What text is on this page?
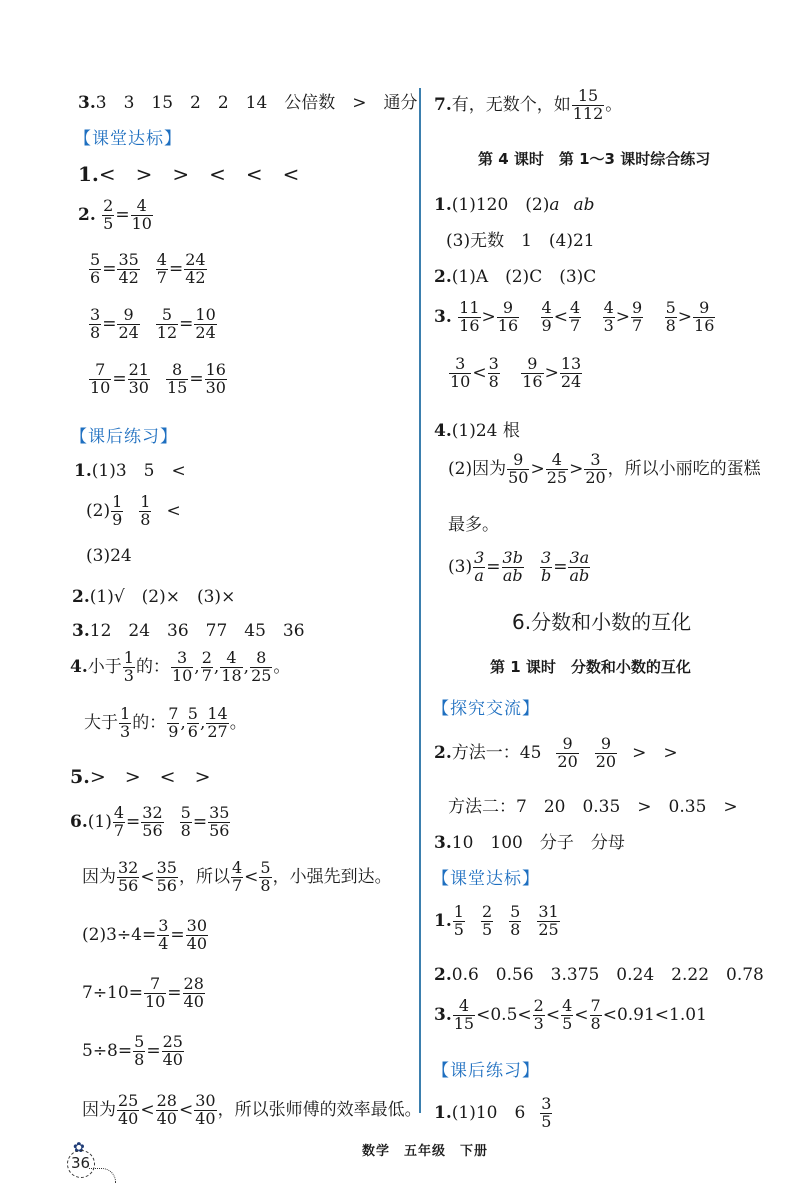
3.3　3　15　2　2　14　公倍数　>　通分
【课堂达标】
1.<　>　>　<　<　<
2. $\frac{2}{5} = \frac{4}{10}$
$\frac{5}{6} = \frac{35}{42} \frac{4}{7} = \frac{24}{42}$
$\frac{3}{8} = \frac{9}{24} \frac{5}{12} = \frac{10}{24}$
$\frac{7}{10} = \frac{21}{30} \frac{8}{15} = \frac{16}{30}$
【课后练习】
1.(1)3　5　<
$(2) \frac{1}{9} \frac{1}{8}$ <
(3)24
2.(1)√　(2)×　(3)×
3.12　24　36　77　45　36
4.小于 $\frac{1}{3}$ 的： $\frac{3}{10}$ , $\frac{2}{7}$ , $\frac{4}{18}$ , $\frac{8}{25}$ 。
大于 $\frac{1}{3}$ 的： $\frac{7}{9}$ , $\frac{5}{6}$ , $\frac{14}{27}$ 。
5.>　>　<　>
$6.(1) \frac{4}{7} = \frac{32}{56} \frac{5}{8} = \frac{35}{56}$
因为 $\frac{32}{56} < \frac{35}{56}$ ，所以 $\frac{4}{7} < \frac{5}{8}$ ，小强先到达。
$(2)3\div 4= \frac{3}{4} = \frac{30}{40}$
$7\div 10= \frac{7}{10} = \frac{28}{40}$
$5\div 8= \frac{5}{8} = \frac{25}{40}$
因为 $\frac{25}{40} < \frac{28}{40} < \frac{30}{40}$ ，所以张师傅的效率最低。
7.有，无数个，如 $\frac{15}{112}$ 。
第 4 课时　第 1～3 课时综合练习
1.(1)120　(2)a ab
(3)无数　1　(4)21
2.(1)A　(2)C　(3)C
3. $\frac{11}{16} > \frac{9}{16}$
$\frac{4}{9} < \frac{4}{7}$
$\frac{4}{3} > \frac{9}{7}$
$\frac{5}{8} > \frac{9}{16}$
$\frac{3}{10} < \frac{3}{8}$
$\frac{9}{16} > \frac{13}{24}$
4.(1)24 根
(2)因为 $\frac{9}{50} > \frac{4}{25} > \frac{3}{20}$ ，所以小丽吃的蛋糕
最多。
$(3) \frac{3}{a} = \frac{3b}{ab} \frac{3}{b} = \frac{3a}{ab}$
6.分数和小数的互化
第 1 课时　分数和小数的互化
【探究交流】
2.方法一：$45 \frac{9}{20} \frac{9}{20}$ >　>
方法二：7　20　0.35　>　0.35　>
3.10　100　分子　分母
【课堂达标】
1. $\frac{1}{5} \frac{2}{5} \frac{5}{8} \frac{31}{25}$
2.0.6　0.56　3.375　0.24　2.22　0.78
3. $\frac{4}{15} <0.5< \frac{2}{3} < \frac{4}{5} < \frac{7}{8} <0.91<1.01$
【课后练习】
1.(1)10　$6 \frac{3}{5}$
✿
36
数学　五年级　下册
